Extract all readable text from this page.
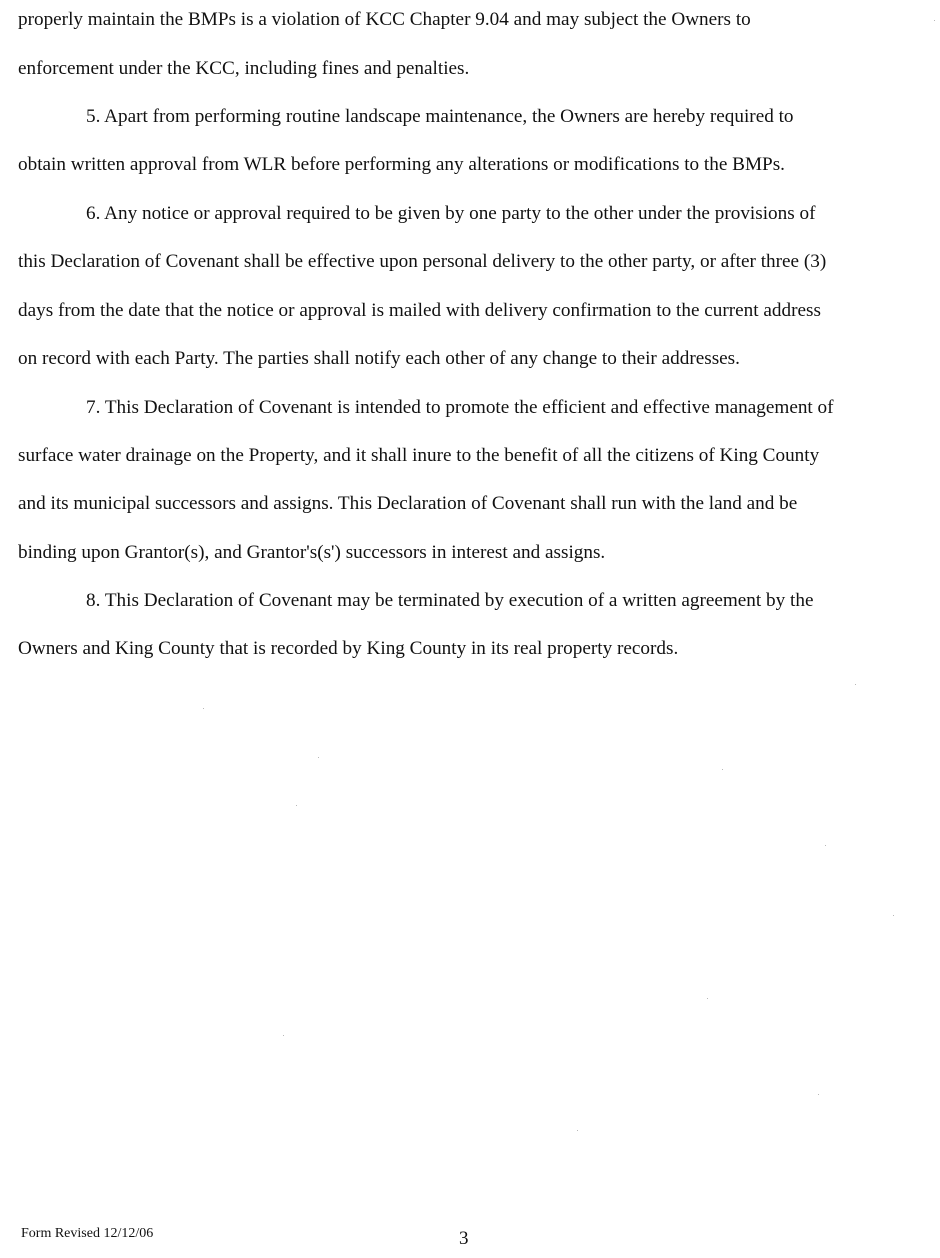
properly maintain the BMPs is a violation of KCC Chapter 9.04 and may subject the Owners to
enforcement under the KCC, including fines and penalties.
5. Apart from performing routine landscape maintenance, the Owners are hereby required to
obtain written approval from WLR before performing any alterations or modifications to the BMPs.
6. Any notice or approval required to be given by one party to the other under the provisions of
this Declaration of Covenant shall be effective upon personal delivery to the other party, or after three (3)
days from the date that the notice or approval is mailed with delivery confirmation to the current address
on record with each Party. The parties shall notify each other of any change to their addresses.
7. This Declaration of Covenant is intended to promote the efficient and effective management of
surface water drainage on the Property, and it shall inure to the benefit of all the citizens of King County
and its municipal successors and assigns. This Declaration of Covenant shall run with the land and be
binding upon Grantor(s), and Grantor's(s') successors in interest and assigns.
8. This Declaration of Covenant may be terminated by execution of a written agreement by the
Owners and King County that is recorded by King County in its real property records.
Form Revised 12/12/06	3
